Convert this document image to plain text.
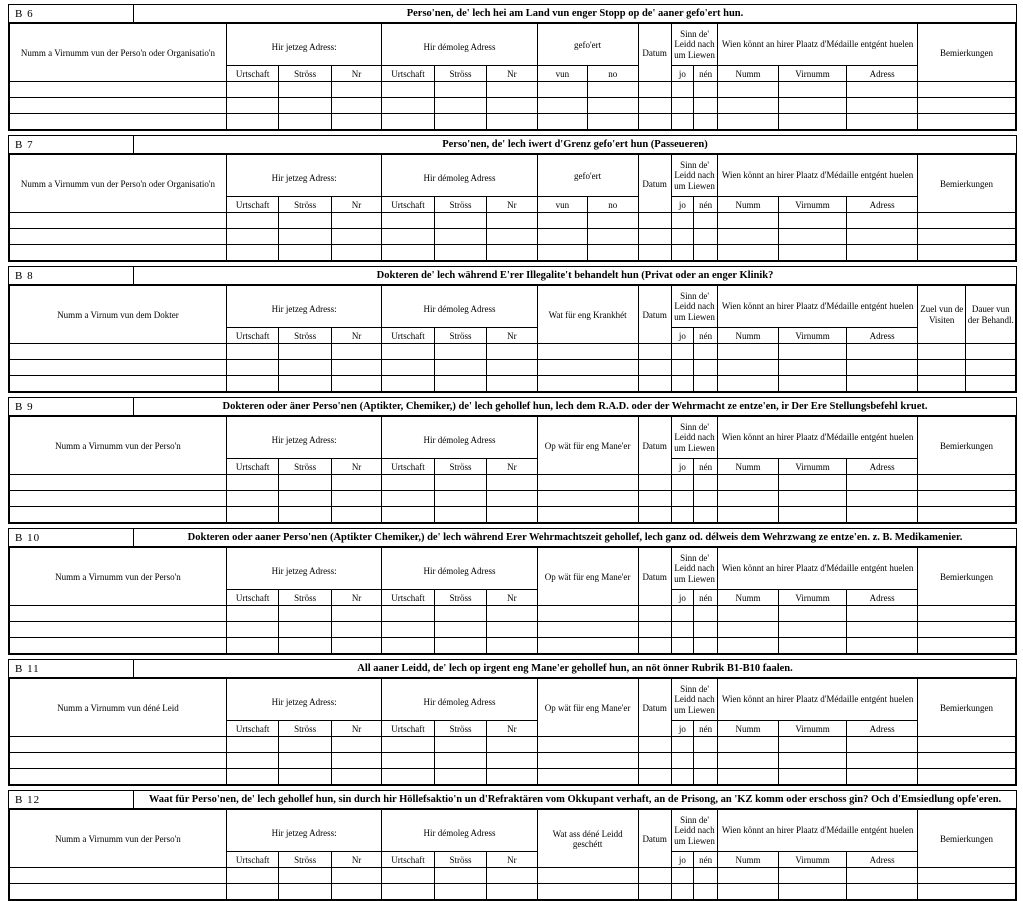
B 6	Perso'nen, de' lech hei am Land vun enger Stopp op de' aaner gefo'ert hun.
Numm a Virnumm vun der Perso'n oder Organisatio'n	Hir jetzeg Adress:			Hir démoleg Adress			gefo'ert		Datum	Sinn de' Leidd nach um Liewen		Wien könnt an hirer Plaatz d'Médaille entgént huelen			Bemierkungen
	Urtschaft	Ströss	Nr	Urtschaft	Ströss	Nr	vun	no		jo	nén	Numm	Virnumm	Adress	

B 7	Perso'nen, de' lech iwert d'Grenz gefo'ert hun (Passeueren)
Numm a Virnumm vun der Perso'n oder Organisatio'n	Hir jetzeg Adress:			Hir démoleg Adress			gefo'ert		Datum	Sinn de' Leidd nach um Liewen		Wien könnt an hirer Plaatz d'Médaille entgént huelen			Bemierkungen
	Urtschaft	Ströss	Nr	Urtschaft	Ströss	Nr	vun	no		jo	nén	Numm	Virnumm	Adress	

B 8	Dokteren de' lech während E'rer Illegalite't behandelt hun (Privat oder an enger Klinik?
Numm a Virnum vun dem Dokter	Hir jetzeg Adress:			Hir démoleg Adress			Wat für eng Krankhét	Datum	Sinn de' Leidd nach um Liewen		Wien könnt an hirer Plaatz d'Médaille entgént huelen			Zuel vun de Visiten	Dauer vun der Behandl.
	Urtschaft	Ströss	Nr	Urtschaft	Ströss	Nr			jo	nén	Numm	Virnumm	Adress		

B 9	Dokteren oder äner Perso'nen (Aptikter, Chemiker,) de' lech gehollef hun, lech dem R.A.D. oder der Wehrmacht ze entze'en, ir Der Ere Stellungsbefehl kruet.
Numm a Virnumm vun der Perso'n	Hir jetzeg Adress:			Hir démoleg Adress			Op wät für eng Mane'er	Datum	Sinn de' Leidd nach um Liewen		Wien könnt an hirer Plaatz d'Médaille entgént huelen			Bemierkungen
	Urtschaft	Ströss	Nr	Urtschaft	Ströss	Nr			jo	nén	Numm	Virnumm	Adress	

B 10	Dokteren oder aaner Perso'nen (Aptikter Chemiker,) de' lech während Erer Wehrmachtszeit gehollef, lech ganz od. délweis dem Wehrzwang ze entze'en. z. B. Medikamenier.
Numm a Virnumm vun der Perso'n	Hir jetzeg Adress:			Hir démoleg Adress			Op wät für eng Mane'er	Datum	Sinn de' Leidd nach um Liewen		Wien könnt an hirer Plaatz d'Médaille entgént huelen			Bemierkungen
	Urtschaft	Ströss	Nr	Urtschaft	Ströss	Nr			jo	nén	Numm	Virnumm	Adress	

B 11	All aaner Leidd, de' lech op irgent eng Mane'er gehollef hun, an nöt önner Rubrik B1-B10 faalen.
Numm a Virnumm vun déné Leid	Hir jetzeg Adress:			Hir démoleg Adress			Op wät für eng Mane'er	Datum	Sinn de' Leidd nach um Liewen		Wien könnt an hirer Plaatz d'Médaille entgént huelen			Bemierkungen
	Urtschaft	Ströss	Nr	Urtschaft	Ströss	Nr			jo	nén	Numm	Virnumm	Adress	

B 12	Waat für Perso'nen, de' lech gehollef hun, sin durch hir Höllefsaktio'n un d'Refraktären vom Okkupant verhaft, an de Prisong, an 'KZ komm oder erschoss gin? Och d'Emsiedlung opfe'eren.
Numm a Virnumm vun der Perso'n	Hir jetzeg Adress:			Hir démoleg Adress			Wat ass déné Leidd geschétt	Datum	Sinn de' Leidd nach um Liewen		Wien könnt an hirer Plaatz d'Médaille entgént huelen			Bemierkungen
	Urtschaft	Ströss	Nr	Urtschaft	Ströss	Nr			jo	nén	Numm	Virnumm	Adress	
